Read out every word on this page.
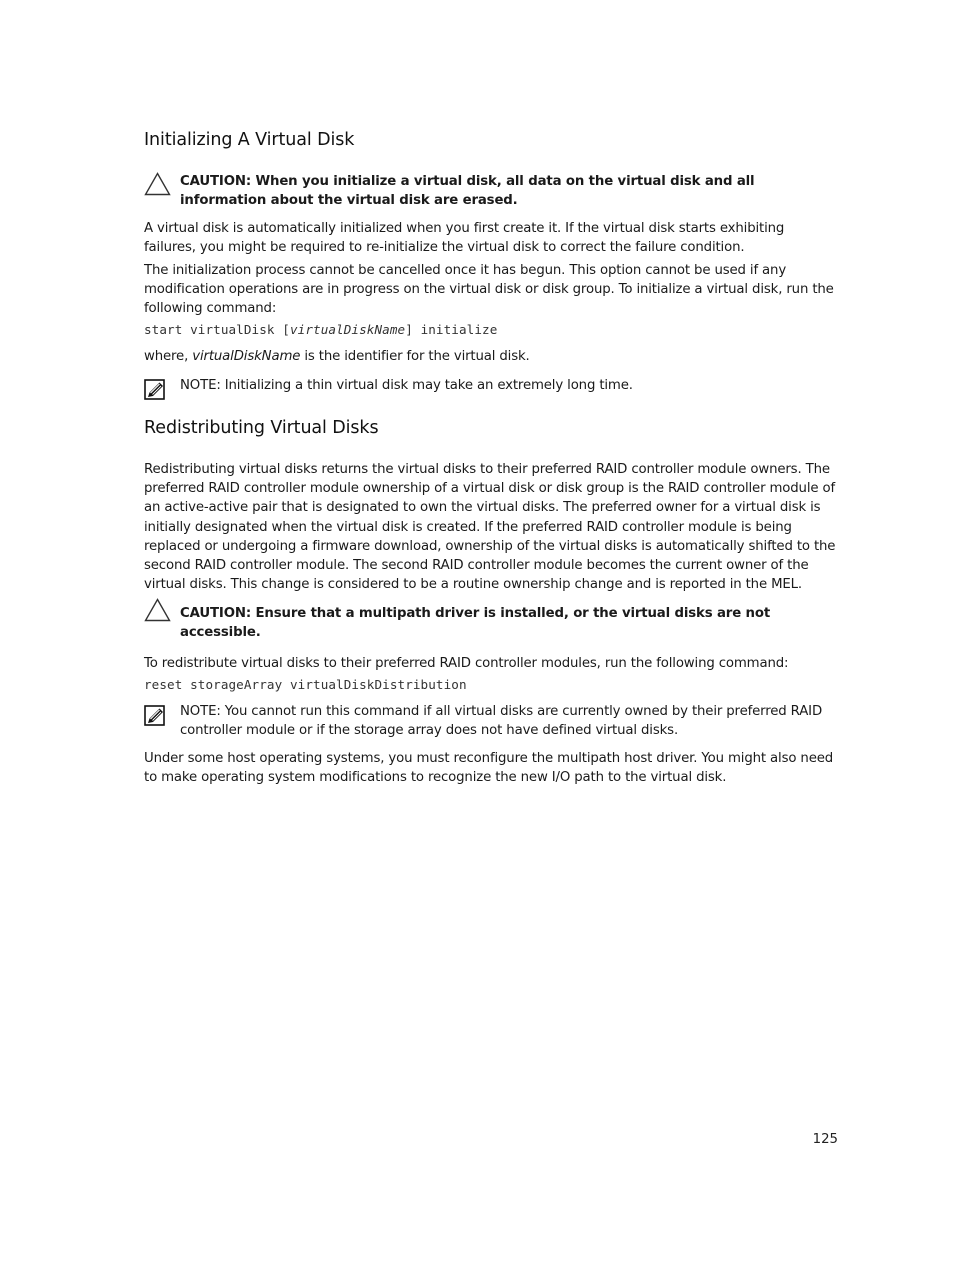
Initializing A Virtual Disk
CAUTION: When you initialize a virtual disk, all data on the virtual disk and all information about the virtual disk are erased.

A virtual disk is automatically initialized when you first create it. If the virtual disk starts exhibiting failures, you might be required to re-initialize the virtual disk to correct the failure condition.

The initialization process cannot be cancelled once it has begun. This option cannot be used if any modification operations are in progress on the virtual disk or disk group. To initialize a virtual disk, run the following command:

start virtualDisk [virtualDiskName] initialize

where, virtualDiskName is the identifier for the virtual disk.

NOTE: Initializing a thin virtual disk may take an extremely long time.
Redistributing Virtual Disks

Redistributing virtual disks returns the virtual disks to their preferred RAID controller module owners. The preferred RAID controller module ownership of a virtual disk or disk group is the RAID controller module of an active-active pair that is designated to own the virtual disks. The preferred owner for a virtual disk is initially designated when the virtual disk is created. If the preferred RAID controller module is being replaced or undergoing a firmware download, ownership of the virtual disks is automatically shifted to the second RAID controller module. The second RAID controller module becomes the current owner of the virtual disks. This change is considered to be a routine ownership change and is reported in the MEL.

CAUTION: Ensure that a multipath driver is installed, or the virtual disks are not accessible.

To redistribute virtual disks to their preferred RAID controller modules, run the following command:

reset storageArray virtualDiskDistribution
NOTE: You cannot run this command if all virtual disks are currently owned by their preferred RAID controller module or if the storage array does not have defined virtual disks.

Under some host operating systems, you must reconfigure the multipath host driver. You might also need to make operating system modifications to recognize the new I/O path to the virtual disk.

125
